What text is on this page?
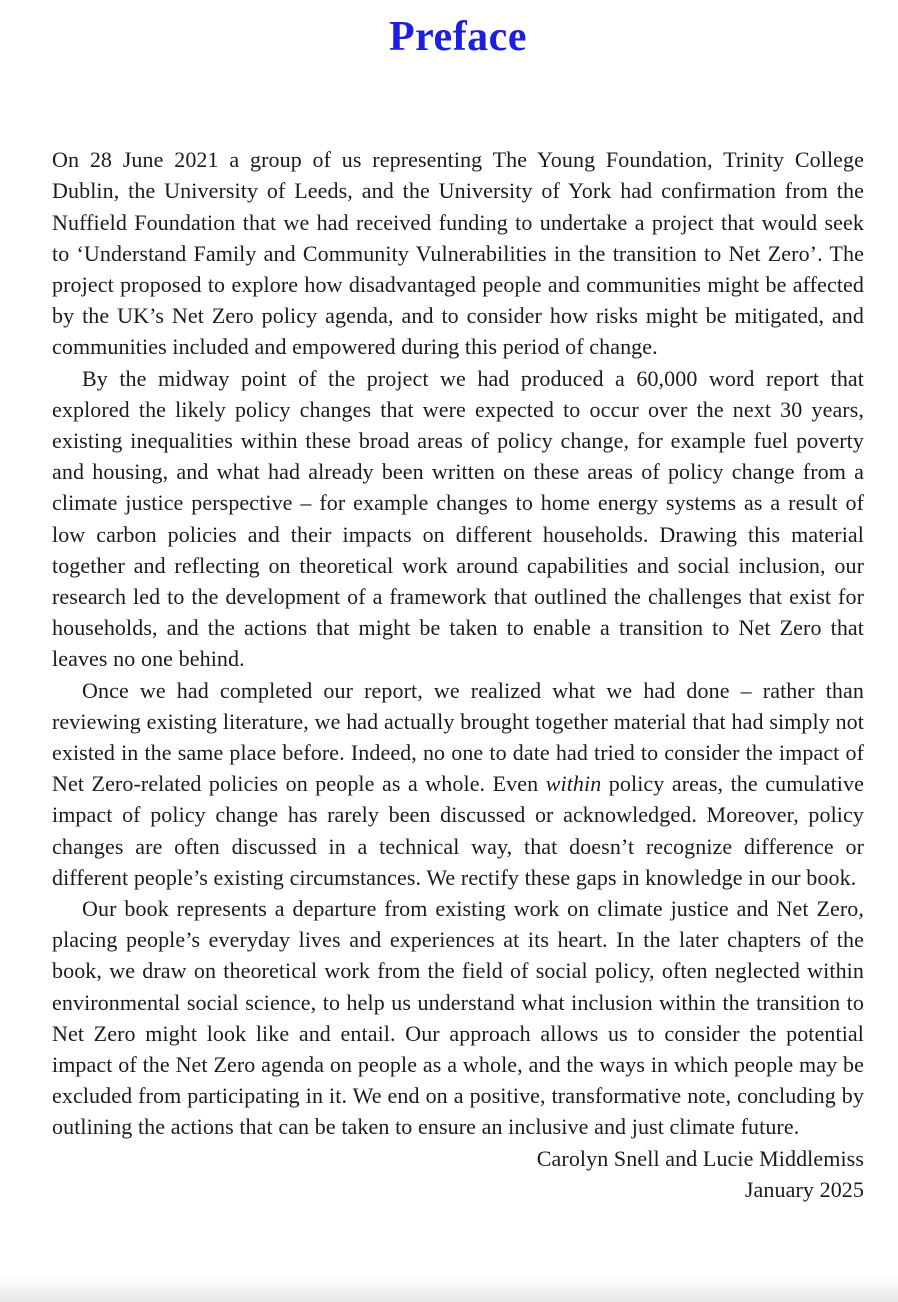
Preface

On 28 June 2021 a group of us representing The Young Foundation, Trinity College Dublin, the University of Leeds, and the University of York had confirmation from the Nuffield Foundation that we had received funding to undertake a project that would seek to ‘Understand Family and Community Vulnerabilities in the transition to Net Zero’. The project proposed to explore how disadvantaged people and communities might be affected by the UK’s Net Zero policy agenda, and to consider how risks might be mitigated, and communities included and empowered during this period of change.

By the midway point of the project we had produced a 60,000 word report that explored the likely policy changes that were expected to occur over the next 30 years, existing inequalities within these broad areas of policy change, for example fuel poverty and housing, and what had already been written on these areas of policy change from a climate justice perspective – for example changes to home energy systems as a result of low carbon policies and their impacts on different households. Drawing this material together and reflecting on theoretical work around capabilities and social inclusion, our research led to the development of a framework that outlined the challenges that exist for households, and the actions that might be taken to enable a transition to Net Zero that leaves no one behind.

Once we had completed our report, we realized what we had done – rather than reviewing existing literature, we had actually brought together material that had simply not existed in the same place before. Indeed, no one to date had tried to consider the impact of Net Zero-related policies on people as a whole. Even within policy areas, the cumulative impact of policy change has rarely been discussed or acknowledged. Moreover, policy changes are often discussed in a technical way, that doesn’t recognize difference or different people’s existing circumstances. We rectify these gaps in knowledge in our book.

Our book represents a departure from existing work on climate justice and Net Zero, placing people’s everyday lives and experiences at its heart. In the later chapters of the book, we draw on theoretical work from the field of social policy, often neglected within environmental social science, to help us understand what inclusion within the transition to Net Zero might look like and entail. Our approach allows us to consider the potential impact of the Net Zero agenda on people as a whole, and the ways in which people may be excluded from participating in it. We end on a positive, transformative note, concluding by outlining the actions that can be taken to ensure an inclusive and just climate future.

Carolyn Snell and Lucie Middlemiss
January 2025
